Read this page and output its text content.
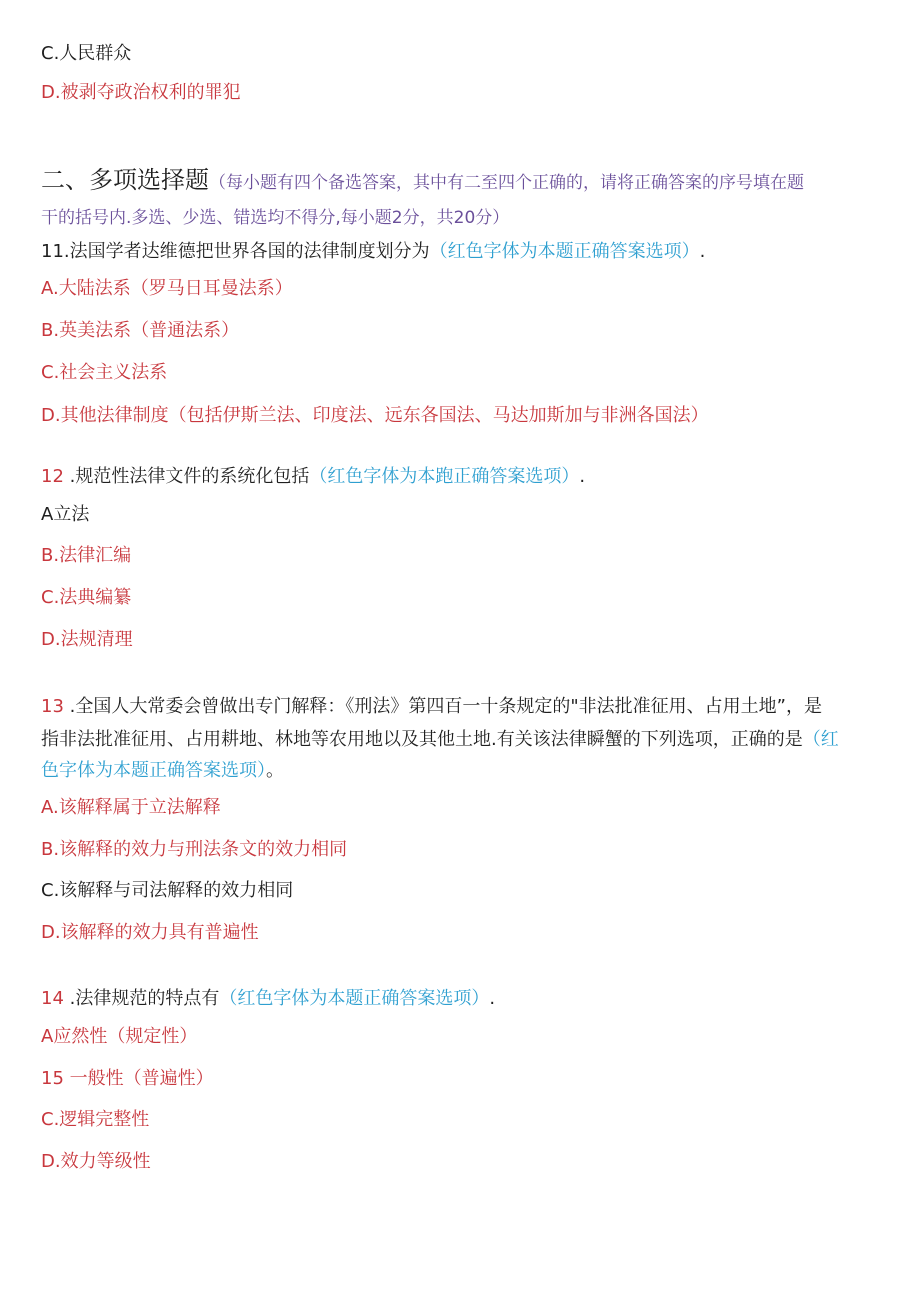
C.人民群众
D.被剥夺政治权利的罪犯
二、多项选择题（每小题有四个备选答案，其中有二至四个正确的，请将正确答案的序号填在题
干的括号内.多选、少选、错选均不得分,每小题2分，共20分）
11.法国学者达维德把世界各国的法律制度划分为（红色字体为本题正确答案选项）.
A.大陆法系（罗马日耳曼法系）
B.英美法系（普通法系）
C.社会主义法系
D.其他法律制度（包括伊斯兰法、印度法、远东各国法、马达加斯加与非洲各国法）
12 .规范性法律文件的系统化包括（红色字体为本跑正确答案选项）.
A立法
B.法律汇编
C.法典编纂
D.法规清理
13 .全国人大常委会曾做出专门解释：《刑法》第四百一十条规定的"非法批准征用、占用土地”，是
指非法批准征用、占用耕地、林地等农用地以及其他土地.有关该法律瞬蟹的下列选项，正确的是（红
色字体为本题正确答案选项）。
A.该解释属于立法解释
B.该解释的效力与刑法条文的效力相同
C.该解释与司法解释的效力相同
D.该解释的效力具有普遍性
14 .法律规范的特点有（红色字体为本题正确答案选项）.
A应然性（规定性）
15 一般性（普遍性）
C.逻辑完整性
D.效力等级性
